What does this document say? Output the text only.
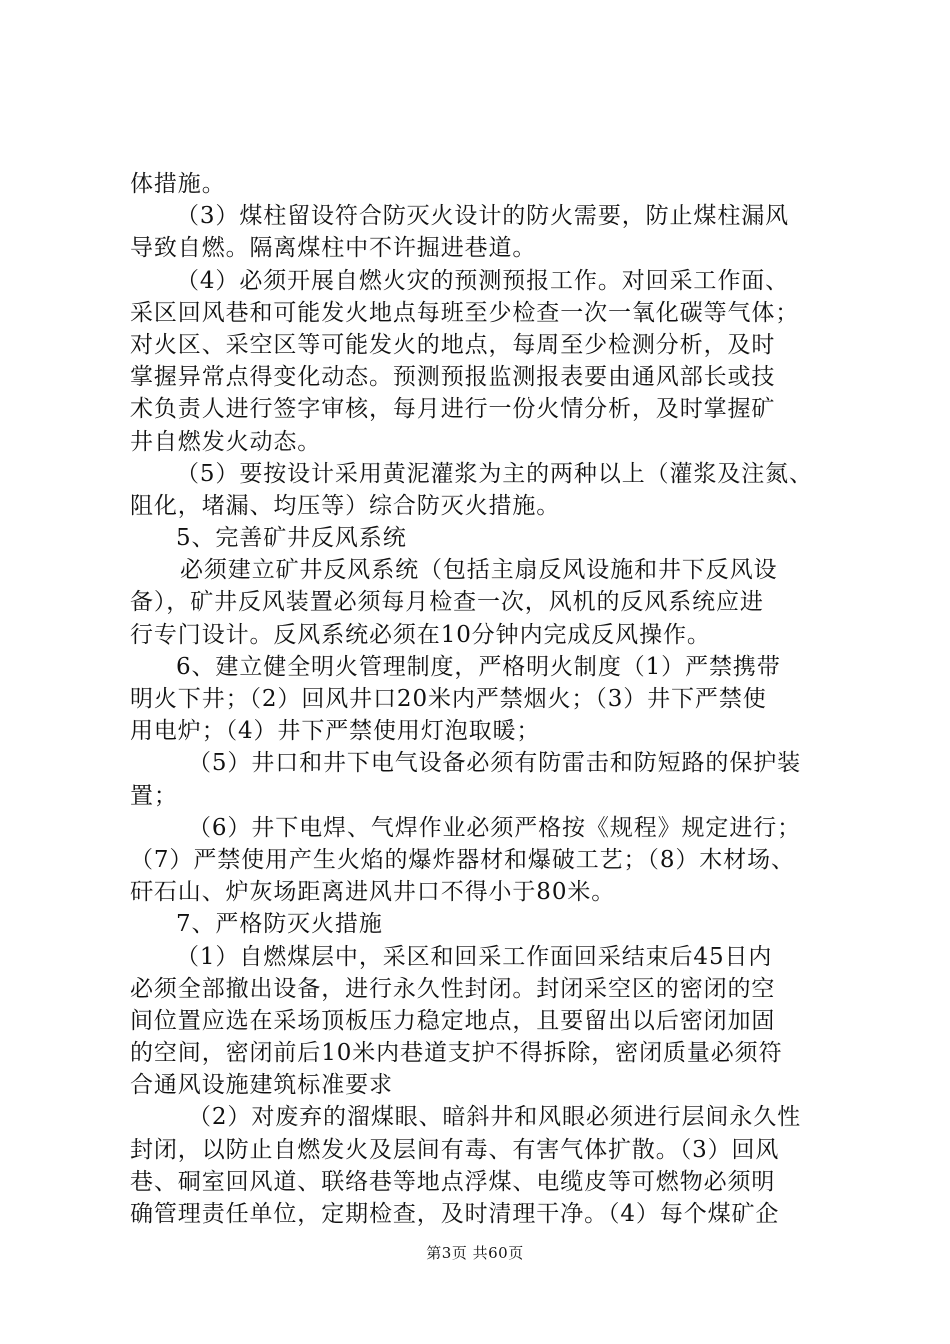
体措施。
（3）煤柱留设符合防灭火设计的防火需要，防止煤柱漏风
导致自燃。隔离煤柱中不许掘进巷道。
（4）必须开展自燃火灾的预测预报工作。对回采工作面、
采区回风巷和可能发火地点每班至少检查一次一氧化碳等气体；
对火区、采空区等可能发火的地点，每周至少检测分析，及时
掌握异常点得变化动态。预测预报监测报表要由通风部长或技
术负责人进行签字审核，每月进行一份火情分析，及时掌握矿
井自燃发火动态。
（5）要按设计采用黄泥灌浆为主的两种以上（灌浆及注氮、
阻化，堵漏、均压等）综合防灭火措施。
5、完善矿井反风系统
必须建立矿井反风系统（包括主扇反风设施和井下反风设
备），矿井反风装置必须每月检查一次，风机的反风系统应进
行专门设计。反风系统必须在10分钟内完成反风操作。
6、建立健全明火管理制度，严格明火制度（1）严禁携带
明火下井；（2）回风井口20米内严禁烟火；（3）井下严禁使
用电炉；（4）井下严禁使用灯泡取暖；
（5）井口和井下电气设备必须有防雷击和防短路的保护装
置；
（6）井下电焊、气焊作业必须严格按《规程》规定进行；
（7）严禁使用产生火焰的爆炸器材和爆破工艺；（8）木材场、
矸石山、炉灰场距离进风井口不得小于80米。
7、严格防灭火措施
（1）自燃煤层中，采区和回采工作面回采结束后45日内
必须全部撤出设备，进行永久性封闭。封闭采空区的密闭的空
间位置应选在采场顶板压力稳定地点，且要留出以后密闭加固
的空间，密闭前后10米内巷道支护不得拆除，密闭质量必须符
合通风设施建筑标准要求
（2）对废弃的溜煤眼、暗斜井和风眼必须进行层间永久性
封闭，以防止自燃发火及层间有毒、有害气体扩散。（3）回风
巷、硐室回风道、联络巷等地点浮煤、电缆皮等可燃物必须明
确管理责任单位，定期检查，及时清理干净。（4）每个煤矿企
第3页 共60页
